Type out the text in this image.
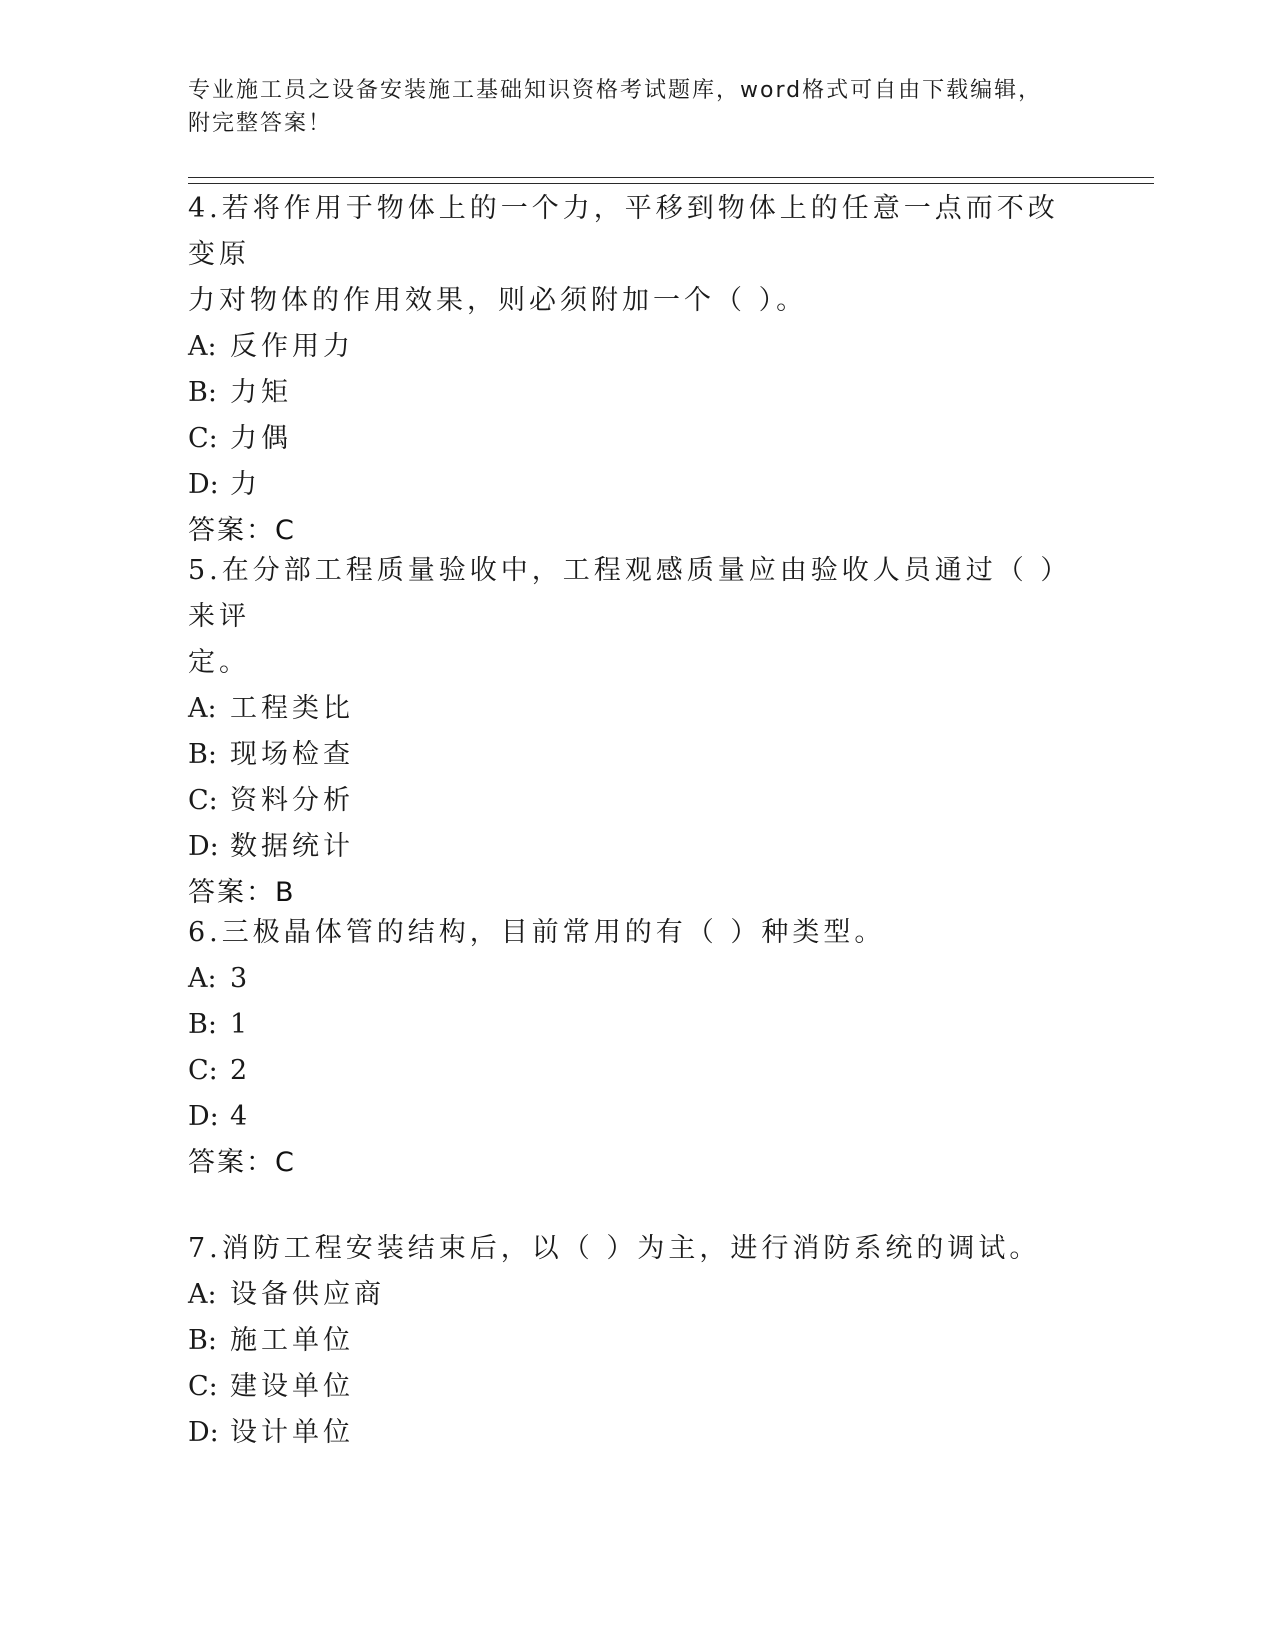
专业施工员之设备安装施工基础知识资格考试题库，word格式可自由下载编辑，
附完整答案！
4.若将作用于物体上的一个力，平移到物体上的任意一点而不改变原
力对物体的作用效果，则必须附加一个（ ）。
A: 反作用力
B: 力矩
C: 力偶
D: 力
答案：C
5.在分部工程质量验收中，工程观感质量应由验收人员通过（ ）来评
定。
A: 工程类比
B: 现场检查
C: 资料分析
D: 数据统计
答案：B
6.三极晶体管的结构，目前常用的有（ ）种类型。
A: 3
B: 1
C: 2
D: 4
答案：C
7.消防工程安装结束后，以（ ）为主，进行消防系统的调试。
A: 设备供应商
B: 施工单位
C: 建设单位
D: 设计单位
